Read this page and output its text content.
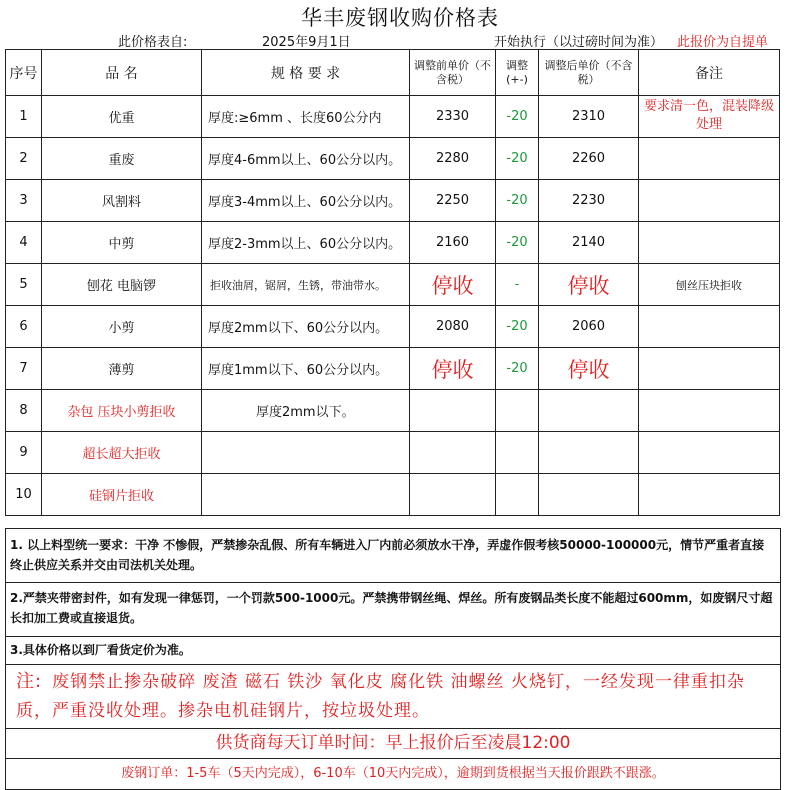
华丰废钢收购价格表
此价格表自:	2025年9月1日	开始执行（以过磅时间为准） 此报价为自提单
序号	品 名	规 格 要 求	调整前单价（不含税）	调整(+-)	调整后单价（不含税）	备注
1	优重	厚度:≥6mm 、长度60公分内	2330	-20	2310	要求清一色，混装降级处理
2	重废	厚度4-6mm以上、60公分以内。	2280	-20	2260	
3	风割料	厚度3-4mm以上、60公分以内。	2250	-20	2230	
4	中剪	厚度2-3mm以上、60公分以内。	2160	-20	2140	
5	刨花 电脑锣	拒收油屑，锯屑，生锈，带油带水。	停收	-	停收	刨丝压块拒收
6	小剪	厚度2mm以下、60公分以内。	2080	-20	2060	
7	薄剪	厚度1mm以下、60公分以内。	停收	-20	停收	
8	杂包 压块小剪拒收	厚度2mm以下。				
9	超长超大拒收					
10	硅钢片拒收					
1. 以上料型统一要求：干净 不惨假，严禁掺杂乱假、所有车辆进入厂内前必须放水干净，弄虚作假考核50000-100000元，情节严重者直接终止供应关系并交由司法机关处理。
2.严禁夹带密封件，如有发现一律惩罚，一个罚款500-1000元。严禁携带钢丝绳、焊丝。所有废钢品类长度不能超过600mm，如废钢尺寸超长扣加工费或直接退货。
3.具体价格以到厂看货定价为准。
注: 废钢禁止掺杂破碎 废渣 磁石 铁沙 氧化皮 腐化铁 油螺丝 火烧钉，一经发现一律重扣杂质，严重没收处理。掺杂电机硅钢片，按垃圾处理。
供货商每天订单时间：早上报价后至凌晨12:00
废钢订单：1-5车（5天内完成），6-10车（10天内完成），逾期到货根据当天报价跟跌不跟涨。
